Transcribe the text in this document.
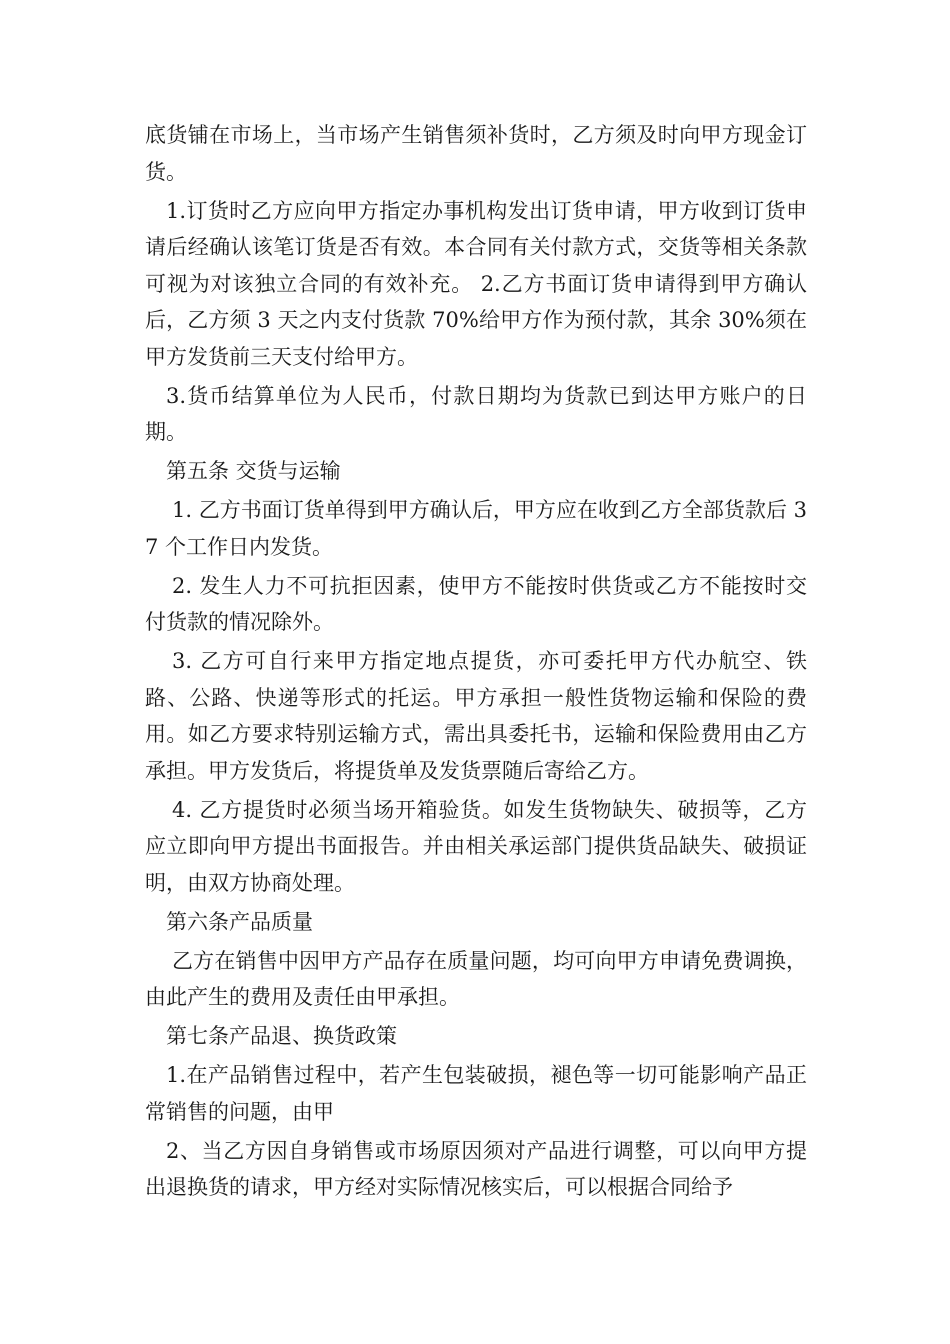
底货铺在市场上，当市场产生销售须补货时，乙方须及时向甲方现金订货。

1.订货时乙方应向甲方指定办事机构发出订货申请，甲方收到订货申请后经确认该笔订货是否有效。本合同有关付款方式，交货等相关条款可视为对该独立合同的有效补充。 2.乙方书面订货申请得到甲方确认后，乙方须 3 天之内支付货款 70%给甲方作为预付款，其余 30%须在甲方发货前三天支付给甲方。

3.货币结算单位为人民币，付款日期均为货款已到达甲方账户的日期。

第五条 交货与运输

1. 乙方书面订货单得到甲方确认后，甲方应在收到乙方全部货款后 37 个工作日内发货。

2. 发生人力不可抗拒因素，使甲方不能按时供货或乙方不能按时交付货款的情况除外。

3. 乙方可自行来甲方指定地点提货，亦可委托甲方代办航空、铁路、公路、快递等形式的托运。甲方承担一般性货物运输和保险的费用。如乙方要求特别运输方式，需出具委托书，运输和保险费用由乙方承担。甲方发货后，将提货单及发货票随后寄给乙方。

4. 乙方提货时必须当场开箱验货。如发生货物缺失、破损等，乙方应立即向甲方提出书面报告。并由相关承运部门提供货品缺失、破损证明，由双方协商处理。

第六条产品质量

乙方在销售中因甲方产品存在质量问题，均可向甲方申请免费调换，由此产生的费用及责任由甲承担。

第七条产品退、换货政策

1.在产品销售过程中，若产生包装破损，褪色等一切可能影响产品正常销售的问题，由甲

2、当乙方因自身销售或市场原因须对产品进行调整，可以向甲方提出退换货的请求，甲方经对实际情况核实后，可以根据合同给予
